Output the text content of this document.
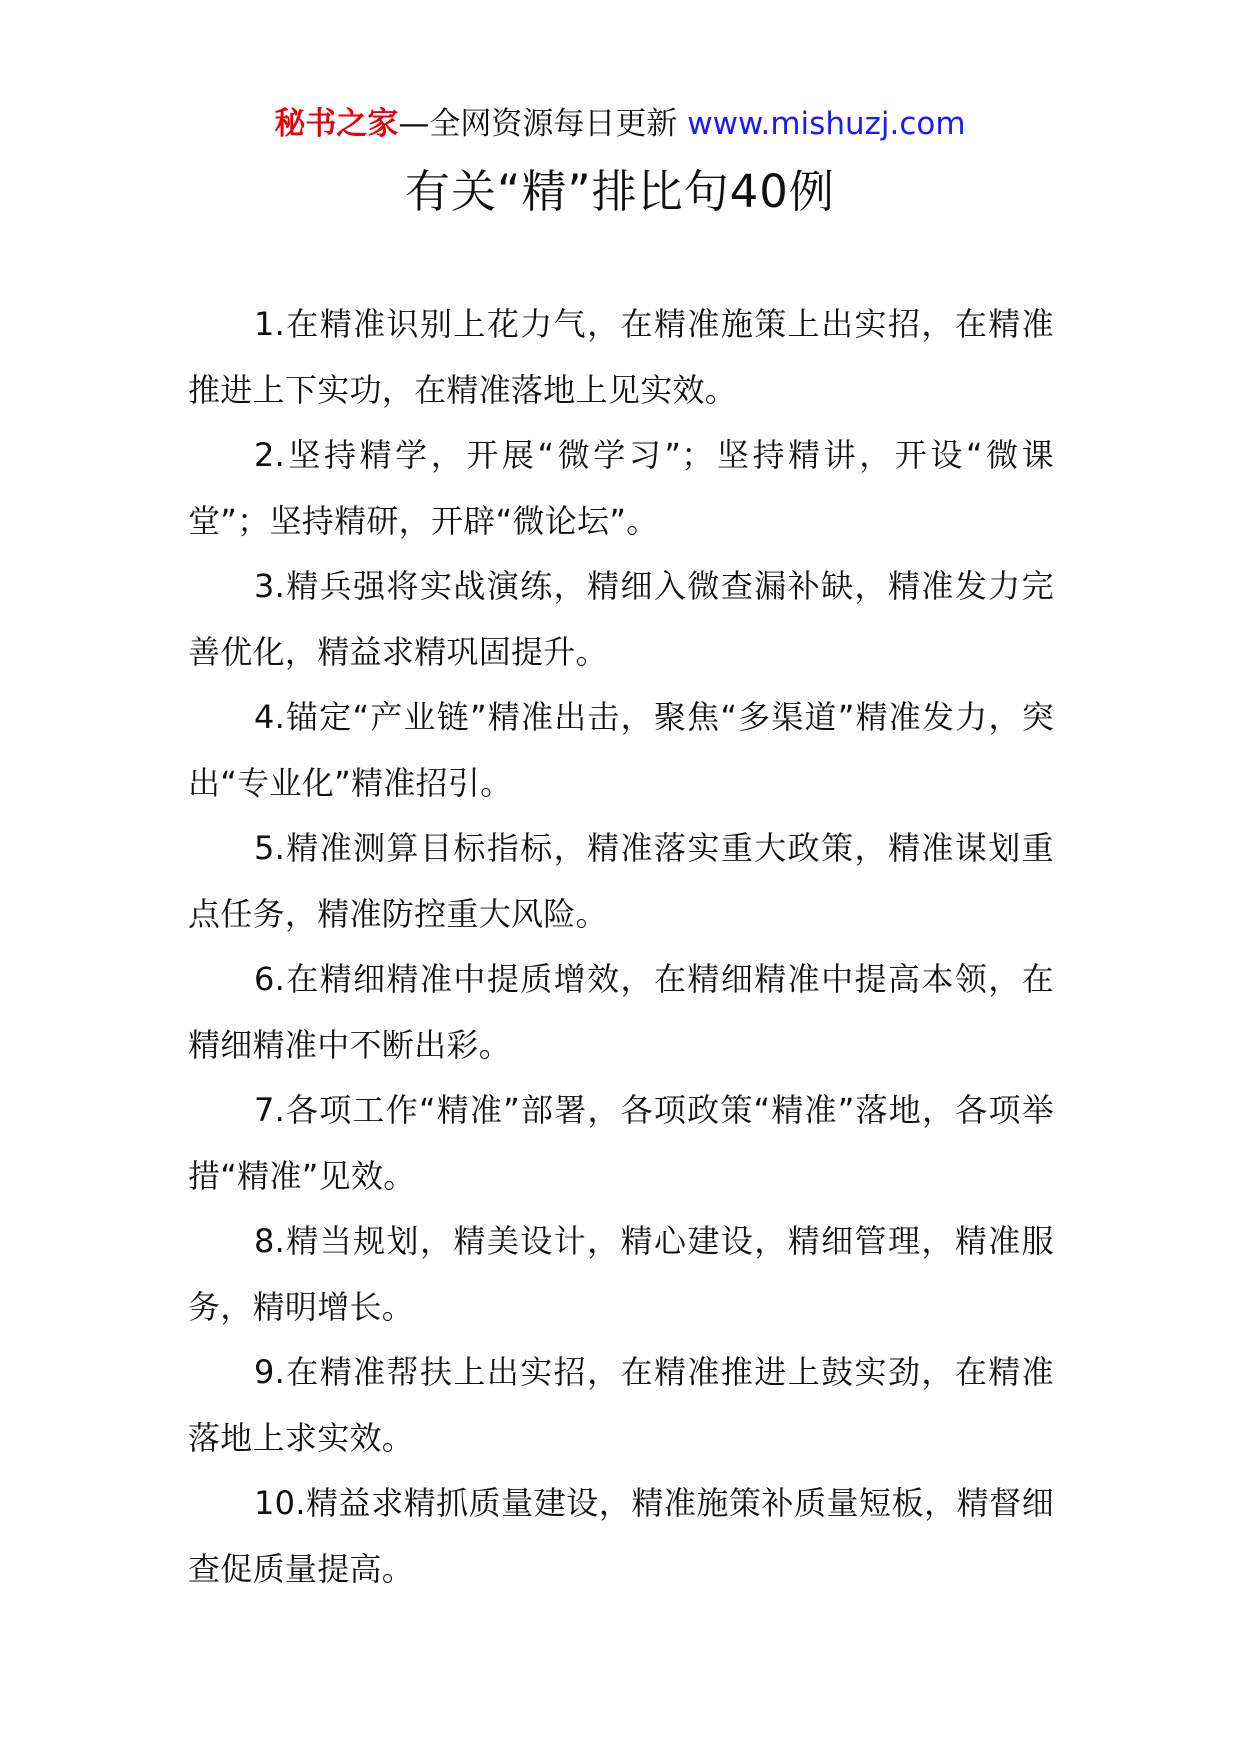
秘书之家—全网资源每日更新 www.mishuzj.com
有关“精”排比句40例
1.在精准识别上花力气，在精准施策上出实招，在精准推进上下实功，在精准落地上见实效。
2.坚持精学，开展“微学习”；坚持精讲，开设“微课堂”；坚持精研，开辟“微论坛”。
3.精兵强将实战演练，精细入微查漏补缺，精准发力完善优化，精益求精巩固提升。
4.锚定“产业链”精准出击，聚焦“多渠道”精准发力，突出“专业化”精准招引。
5.精准测算目标指标，精准落实重大政策，精准谋划重点任务，精准防控重大风险。
6.在精细精准中提质增效，在精细精准中提高本领，在精细精准中不断出彩。
7.各项工作“精准”部署，各项政策“精准”落地，各项举措“精准”见效。
8.精当规划，精美设计，精心建设，精细管理，精准服务，精明增长。
9.在精准帮扶上出实招，在精准推进上鼓实劲，在精准落地上求实效。
10.精益求精抓质量建设，精准施策补质量短板，精督细查促质量提高。
